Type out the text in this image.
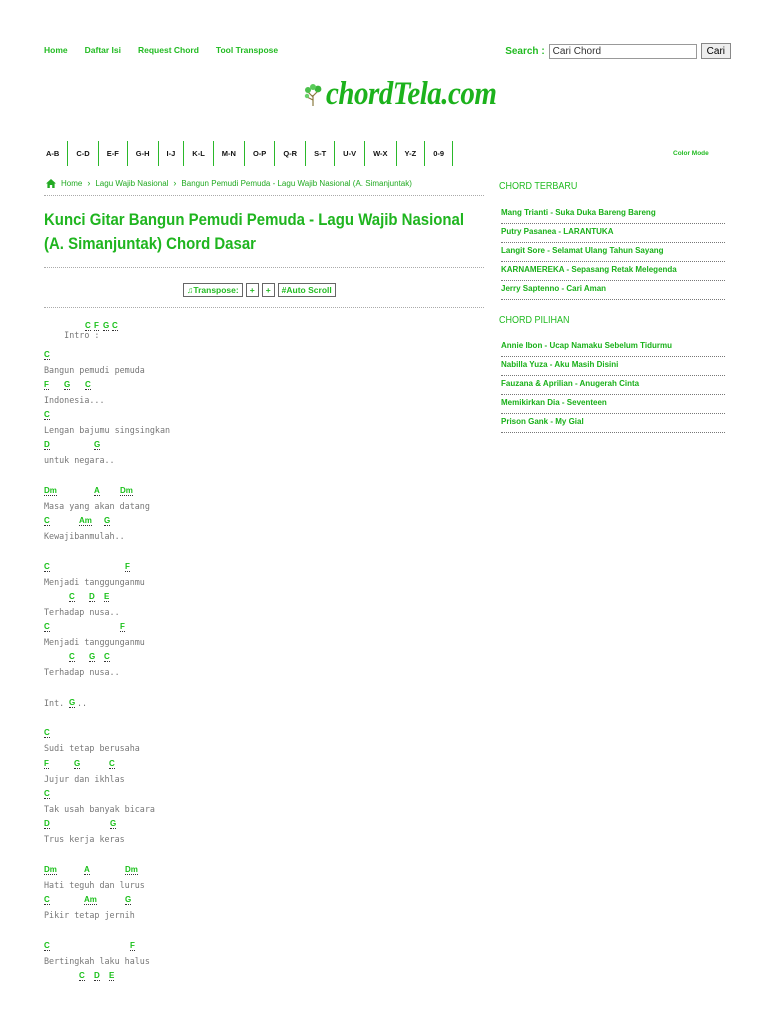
Home Daftar Isi Request Chord Tool Transpose	Search :
Cari Chord	Cari
chordTela.com
A-B	C-D	E-F	G-H	I-J	K-L	M-N	O-P	Q-R	S-T	U-V	W-X	Y-Z	0-9	Color Mode
Home › Lagu Wajib Nasional › Bangun Pemudi Pemuda - Lagu Wajib Nasional (A. Simanjuntak)
Kunci Gitar Bangun Pemudi Pemuda - Lagu Wajib Nasional (A. Simanjuntak) Chord Dasar
♫Transpose:	+	+	#Auto Scroll

Intro :

C F G C

C
Bangun pemudi pemuda
F G C
Indonesia...
C
Lengan bajumu singsingkan
D	G
untuk negara..
Dm	A	Dm
Masa yang akan datang
C	Am G
Kewajibanmulah..
C	F
Menjadi tanggunganmu
C D E
Terhadap nusa..
C	F
Menjadi tanggunganmu
C G C
Terhadap nusa..
Int. G ..
C
Sudi tetap berusaha
F	G	C
Jujur dan ikhlas
C
Tak usah banyak bicara
D	G
Trus kerja keras
Dm	A	Dm
Hati teguh dan lurus
C	Am	G
Pikir tetap jernih
C	F
Bertingkah laku halus
C D E

CHORD TERBARU
Mang Trianti - Suka Duka Bareng Bareng
Putry Pasanea - LARANTUKA
Langit Sore - Selamat Ulang Tahun Sayang
KARNAMEREKA - Sepasang Retak Melegenda
Jerry Saptenno - Cari Aman
CHORD PILIHAN
Annie Ibon - Ucap Namaku Sebelum Tidurmu
Nabilla Yuza - Aku Masih Disini
Fauzana & Aprilian - Anugerah Cinta
Memikirkan Dia - Seventeen
Prison Gank - My Gial
